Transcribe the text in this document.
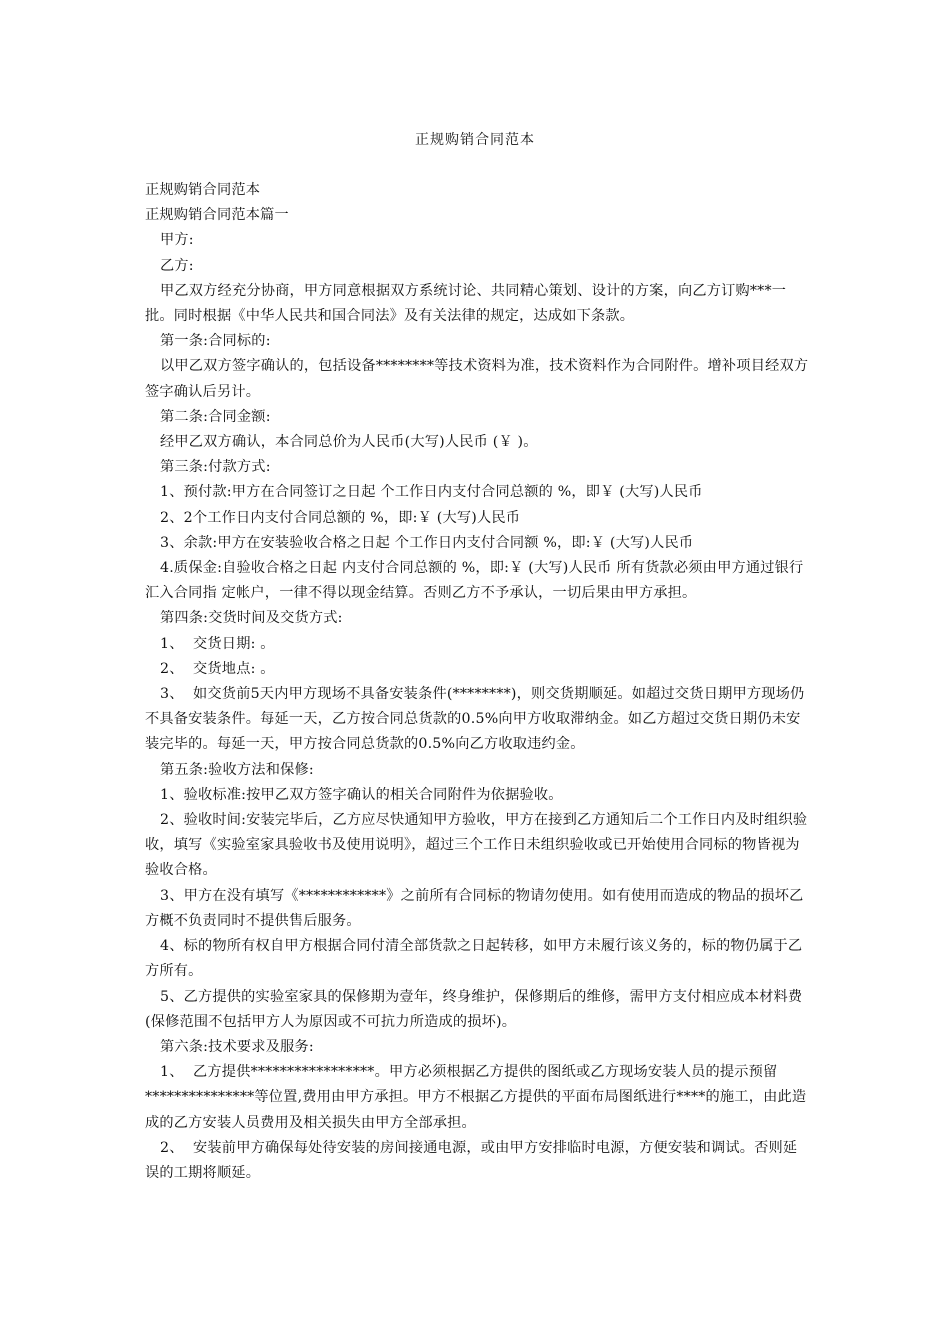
正规购销合同范本
正规购销合同范本
正规购销合同范本篇一
甲方:
乙方:
甲乙双方经充分协商，甲方同意根据双方系统讨论、共同精心策划、设计的方案，向乙方订购***一批。同时根据《中华人民共和国合同法》及有关法律的规定，达成如下条款。
第一条:合同标的:
以甲乙双方签字确认的，包括设备********等技术资料为准，技术资料作为合同附件。增补项目经双方签字确认后另计。
第二条:合同金额:
经甲乙双方确认，本合同总价为人民币(大写)人民币 (￥ )。
第三条:付款方式:
1、预付款:甲方在合同签订之日起 个工作日内支付合同总额的 %，即￥ (大写)人民币
2、2个工作日内支付合同总额的 %，即:￥ (大写)人民币
3、余款:甲方在安装验收合格之日起 个工作日内支付合同额 %，即:￥ (大写)人民币
4.质保金:自验收合格之日起 内支付合同总额的 %，即:￥ (大写)人民币 所有货款必须由甲方通过银行汇入合同指 定帐户，一律不得以现金结算。否则乙方不予承认，一切后果由甲方承担。
第四条:交货时间及交货方式:
1、  交货日期: 。
2、  交货地点: 。
3、  如交货前5天内甲方现场不具备安装条件(********)，则交货期顺延。如超过交货日期甲方现场仍不具备安装条件。每延一天，乙方按合同总货款的0.5%向甲方收取滞纳金。如乙方超过交货日期仍未安装完毕的。每延一天，甲方按合同总货款的0.5%向乙方收取违约金。
第五条:验收方法和保修:
1、验收标准:按甲乙双方签字确认的相关合同附件为依据验收。
2、验收时间:安装完毕后，乙方应尽快通知甲方验收，甲方在接到乙方通知后二个工作日内及时组织验收，填写《实验室家具验收书及使用说明》，超过三个工作日未组织验收或已开始使用合同标的物皆视为验收合格。
3、甲方在没有填写《************》之前所有合同标的物请勿使用。如有使用而造成的物品的损坏乙方概不负责同时不提供售后服务。
4、标的物所有权自甲方根据合同付清全部货款之日起转移，如甲方未履行该义务的，标的物仍属于乙方所有。
5、乙方提供的实验室家具的保修期为壹年，终身维护，保修期后的维修，需甲方支付相应成本材料费(保修范围不包括甲方人为原因或不可抗力所造成的损坏)。
第六条:技术要求及服务:
1、  乙方提供*****************。甲方必须根据乙方提供的图纸或乙方现场安装人员的提示预留***************等位置,费用由甲方承担。甲方不根据乙方提供的平面布局图纸进行****的施工，由此造成的乙方安装人员费用及相关损失由甲方全部承担。
2、  安装前甲方确保每处待安装的房间接通电源，或由甲方安排临时电源，方便安装和调试。否则延误的工期将顺延。
